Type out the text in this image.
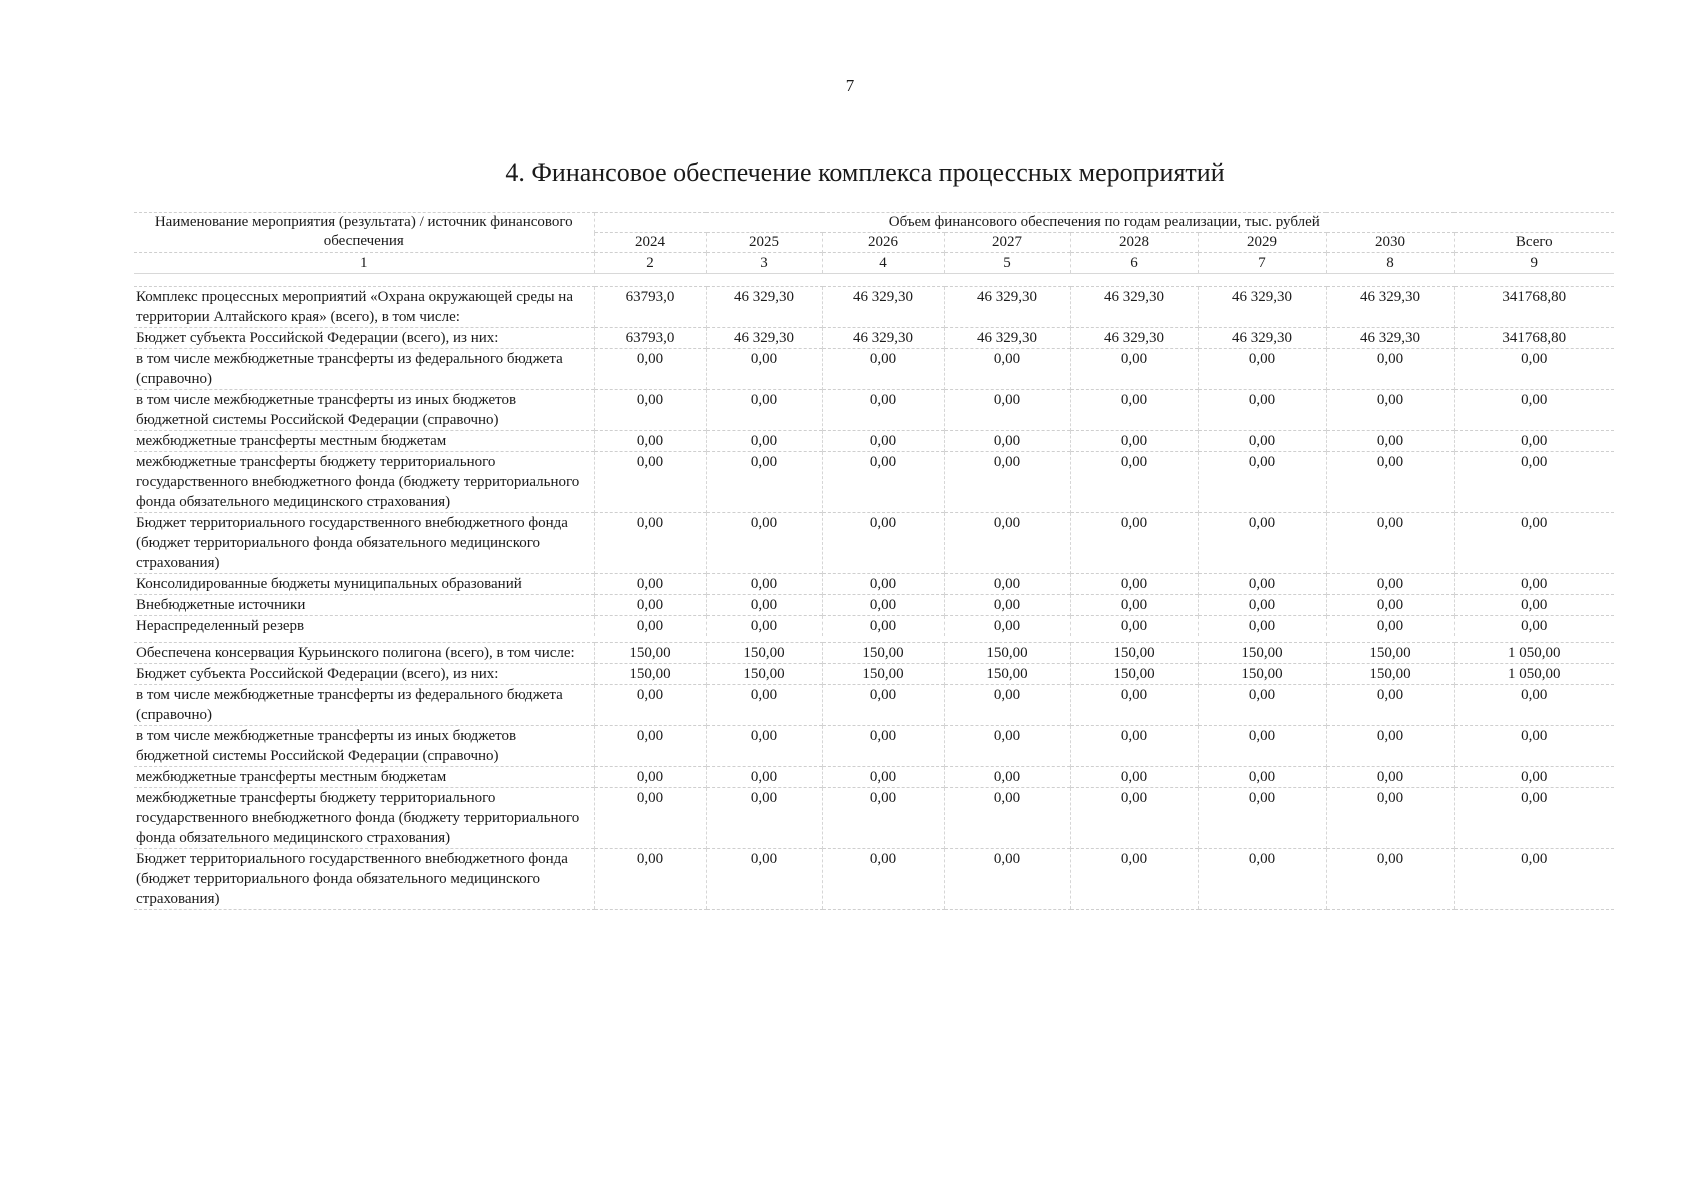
7
4. Финансовое обеспечение комплекса процессных мероприятий
Наименование мероприятия (результата) / источник финансового обеспечения	Объем финансового обеспечения по годам реализации, тыс. рублей							
	2024	2025	2026	2027	2028	2029	2030	Всего
1	2	3	4	5	6	7	8	9

Комплекс процессных мероприятий «Охрана окружающей среды на территории Алтайского края» (всего), в том числе:	63793,0	46 329,30	46 329,30	46 329,30	46 329,30	46 329,30	46 329,30	341768,80
Бюджет субъекта Российской Федерации (всего), из них:	63793,0	46 329,30	46 329,30	46 329,30	46 329,30	46 329,30	46 329,30	341768,80
в том числе межбюджетные трансферты из федерального бюджета (справочно)	0,00	0,00	0,00	0,00	0,00	0,00	0,00	0,00
в том числе межбюджетные трансферты из иных бюджетов бюджетной системы Российской Федерации (справочно)	0,00	0,00	0,00	0,00	0,00	0,00	0,00	0,00
межбюджетные трансферты местным бюджетам	0,00	0,00	0,00	0,00	0,00	0,00	0,00	0,00
межбюджетные трансферты бюджету территориального государственного внебюджетного фонда (бюджету территориального фонда обязательного медицинского страхования)	0,00	0,00	0,00	0,00	0,00	0,00	0,00	0,00
Бюджет территориального государственного внебюджетного фонда (бюджет территориального фонда обязательного медицинского страхования)	0,00	0,00	0,00	0,00	0,00	0,00	0,00	0,00
Консолидированные бюджеты муниципальных образований	0,00	0,00	0,00	0,00	0,00	0,00	0,00	0,00
Внебюджетные источники	0,00	0,00	0,00	0,00	0,00	0,00	0,00	0,00
Нераспределенный резерв	0,00	0,00	0,00	0,00	0,00	0,00	0,00	0,00

Обеспечена консервация Курьинского полигона (всего), в том числе:	150,00	150,00	150,00	150,00	150,00	150,00	150,00	1 050,00
Бюджет субъекта Российской Федерации (всего), из них:	150,00	150,00	150,00	150,00	150,00	150,00	150,00	1 050,00
в том числе межбюджетные трансферты из федерального бюджета (справочно)	0,00	0,00	0,00	0,00	0,00	0,00	0,00	0,00
в том числе межбюджетные трансферты из иных бюджетов бюджетной системы Российской Федерации (справочно)	0,00	0,00	0,00	0,00	0,00	0,00	0,00	0,00
межбюджетные трансферты местным бюджетам	0,00	0,00	0,00	0,00	0,00	0,00	0,00	0,00
межбюджетные трансферты бюджету территориального государственного внебюджетного фонда (бюджету территориального фонда обязательного медицинского страхования)	0,00	0,00	0,00	0,00	0,00	0,00	0,00	0,00
Бюджет территориального государственного внебюджетного фонда (бюджет территориального фонда обязательного медицинского страхования)	0,00	0,00	0,00	0,00	0,00	0,00	0,00	0,00
